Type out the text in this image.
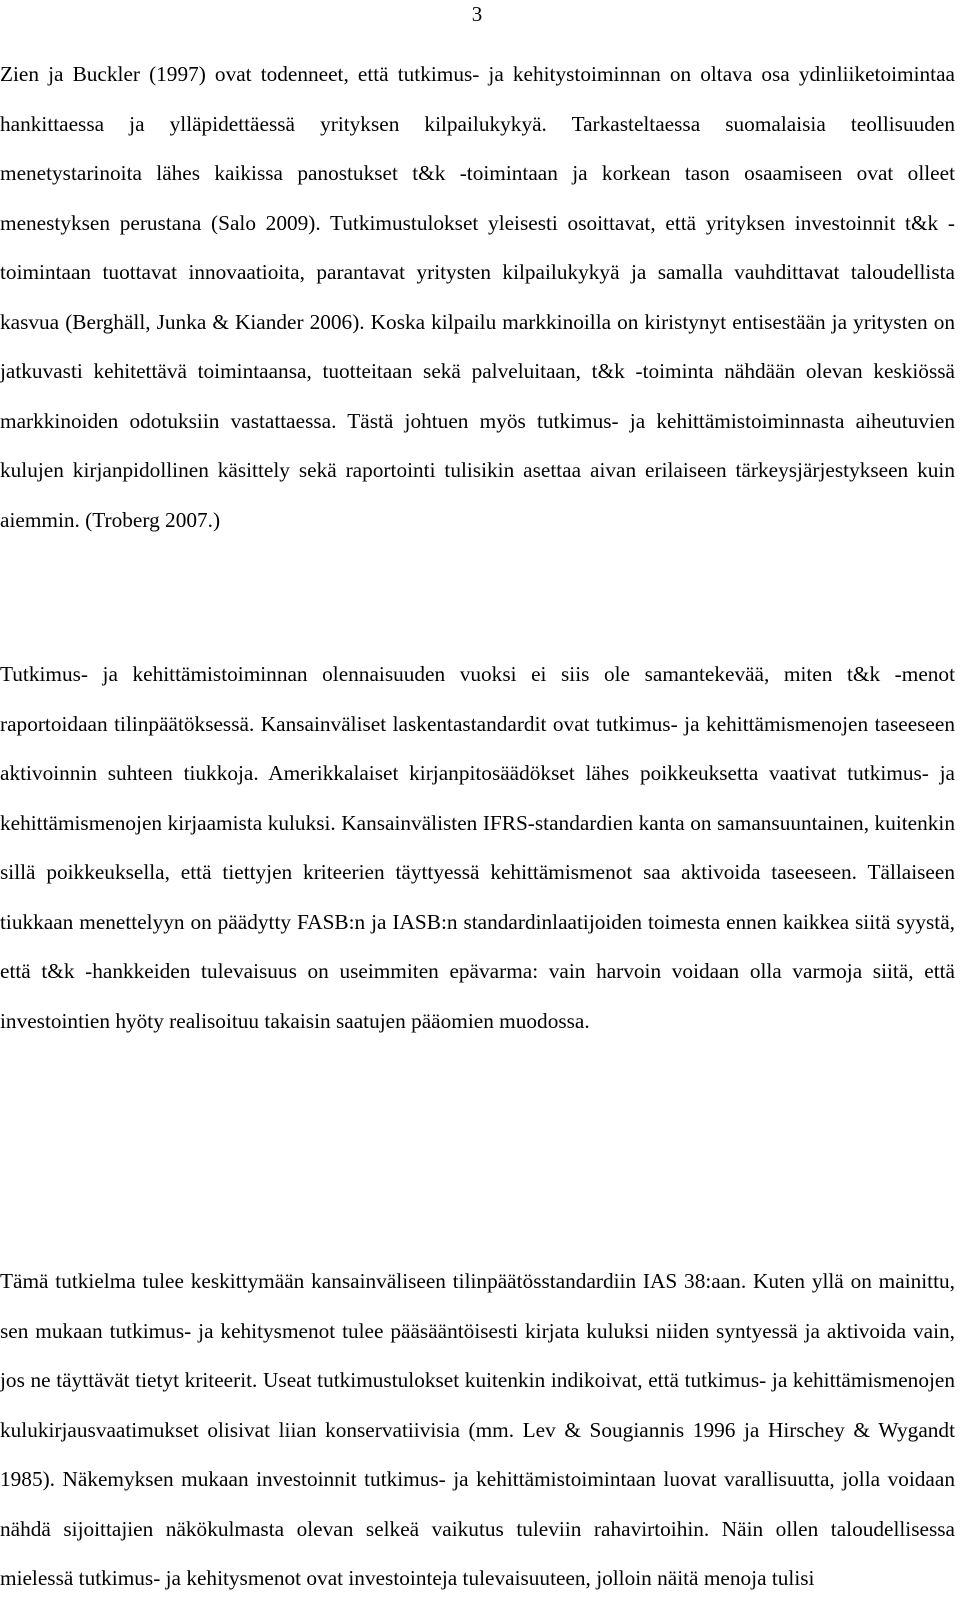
3

Zien ja Buckler (1997) ovat todenneet, että tutkimus- ja kehitystoiminnan on oltava osa ydinliiketoimintaa hankittaessa ja ylläpidettäessä yrityksen kilpailukykyä. Tarkasteltaessa suomalaisia teollisuuden menetystarinoita lähes kaikissa panostukset t&k -toimintaan ja korkean tason osaamiseen ovat olleet menestyksen perustana (Salo 2009). Tutkimustulokset yleisesti osoittavat, että yrityksen investoinnit t&k -toimintaan tuottavat innovaatioita, parantavat yritysten kilpailukykyä ja samalla vauhdittavat taloudellista kasvua (Berghäll, Junka & Kiander 2006). Koska kilpailu markkinoilla on kiristynyt entisestään ja yritysten on jatkuvasti kehitettävä toimintaansa, tuotteitaan sekä palveluitaan, t&k -toiminta nähdään olevan keskiössä markkinoiden odotuksiin vastattaessa. Tästä johtuen myös tutkimus- ja kehittämistoiminnasta aiheutuvien kulujen kirjanpidollinen käsittely sekä raportointi tulisikin asettaa aivan erilaiseen tärkeysjärjestykseen kuin aiemmin. (Troberg 2007.)

Tutkimus- ja kehittämistoiminnan olennaisuuden vuoksi ei siis ole samantekevää, miten t&k -menot raportoidaan tilinpäätöksessä. Kansainväliset laskentastandardit ovat tutkimus- ja kehittämismenojen taseeseen aktivoinnin suhteen tiukkoja. Amerikkalaiset kirjanpitosäädökset lähes poikkeuksetta vaativat tutkimus- ja kehittämismenojen kirjaamista kuluksi. Kansainvälisten IFRS-standardien kanta on samansuuntainen, kuitenkin sillä poikkeuksella, että tiettyjen kriteerien täyttyessä kehittämismenot saa aktivoida taseeseen. Tällaiseen tiukkaan menettelyyn on päädytty FASB:n ja IASB:n standardinlaatijoiden toimesta ennen kaikkea siitä syystä, että t&k -hankkeiden tulevaisuus on useimmiten epävarma: vain harvoin voidaan olla varmoja siitä, että investointien hyöty realisoituu takaisin saatujen pääomien muodossa.

Tämä tutkielma tulee keskittymään kansainväliseen tilinpäätösstandardiin IAS 38:aan. Kuten yllä on mainittu, sen mukaan tutkimus- ja kehitysmenot tulee pääsääntöisesti kirjata kuluksi niiden syntyessä ja aktivoida vain, jos ne täyttävät tietyt kriteerit. Useat tutkimustulokset kuitenkin indikoivat, että tutkimus- ja kehittämismenojen kulukirjausvaatimukset olisivat liian konservatiivisia (mm. Lev & Sougiannis 1996 ja Hirschey & Wygandt 1985). Näkemyksen mukaan investoinnit tutkimus- ja kehittämistoimintaan luovat varallisuutta, jolla voidaan nähdä sijoittajien näkökulmasta olevan selkeä vaikutus tuleviin rahavirtoihin. Näin ollen taloudellisessa mielessä tutkimus- ja kehitysmenot ovat investointeja tulevaisuuteen, jolloin näitä menoja tulisi
